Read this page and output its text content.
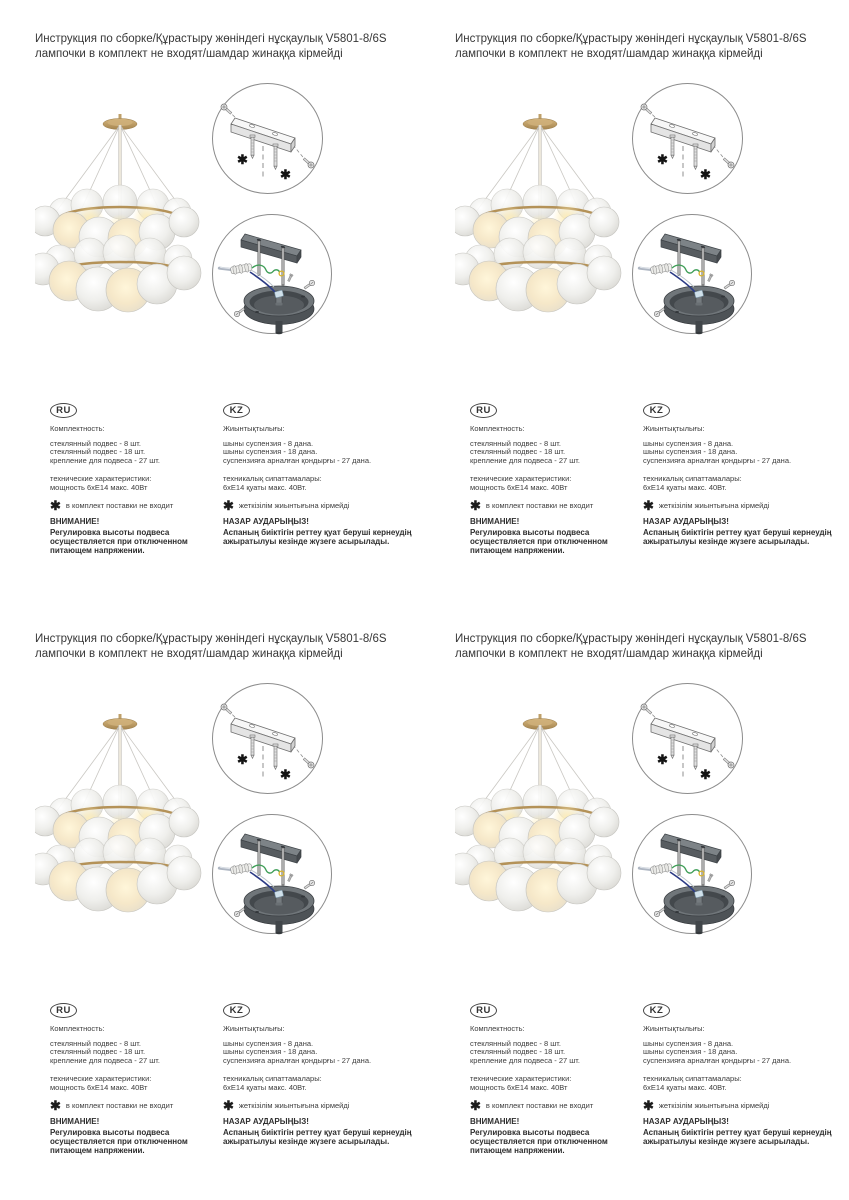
Инструкция по сборке/Құрастыру жөніндегі нұсқаулық V5801-8/6S
лампочки в комплект не входят/шамдар жинаққа кірмейді
✱
✱
RU

Комплектность:

стеклянный подвес - 8 шт.

стеклянный подвес - 18 шт.

крепление для подвеса - 27 шт.

технические характеристики:

мощность 6хЕ14 макс. 40Вт

✱ в комплект поставки не входит

ВНИМАНИЕ!

Регулировка высоты подвеса осуществляется при отключенном питающем напряжении.

KZ

Жиынтықтылығы:

шыны суспензия - 8 дана.

шыны суспензия - 18 дана.

суспензияға арналған қондырғы - 27 дана.

техникалық сипаттамалары:

6хЕ14 қуаты макс. 40Вт.

✱ жеткізілім жиынтығына кірмейді

НАЗАР АУДАРЫҢЫЗ!

Аспаның биіктігін реттеу қуат беруші кернеудің ажыратылуы кезінде жүзеге асырылады.

Инструкция по сборке/Құрастыру жөніндегі нұсқаулық V5801-8/6S
лампочки в комплект не входят/шамдар жинаққа кірмейді
✱
✱
RU

Комплектность:

стеклянный подвес - 8 шт.

стеклянный подвес - 18 шт.

крепление для подвеса - 27 шт.

технические характеристики:

мощность 6хЕ14 макс. 40Вт

✱ в комплект поставки не входит

ВНИМАНИЕ!

Регулировка высоты подвеса осуществляется при отключенном питающем напряжении.

KZ

Жиынтықтылығы:

шыны суспензия - 8 дана.

шыны суспензия - 18 дана.

суспензияға арналған қондырғы - 27 дана.

техникалық сипаттамалары:

6хЕ14 қуаты макс. 40Вт.

✱ жеткізілім жиынтығына кірмейді

НАЗАР АУДАРЫҢЫЗ!

Аспаның биіктігін реттеу қуат беруші кернеудің ажыратылуы кезінде жүзеге асырылады.

Инструкция по сборке/Құрастыру жөніндегі нұсқаулық V5801-8/6S
лампочки в комплект не входят/шамдар жинаққа кірмейді
✱
✱
RU

Комплектность:

стеклянный подвес - 8 шт.

стеклянный подвес - 18 шт.

крепление для подвеса - 27 шт.

технические характеристики:

мощность 6хЕ14 макс. 40Вт

✱ в комплект поставки не входит

ВНИМАНИЕ!

Регулировка высоты подвеса осуществляется при отключенном питающем напряжении.

KZ

Жиынтықтылығы:

шыны суспензия - 8 дана.

шыны суспензия - 18 дана.

суспензияға арналған қондырғы - 27 дана.

техникалық сипаттамалары:

6хЕ14 қуаты макс. 40Вт.

✱ жеткізілім жиынтығына кірмейді

НАЗАР АУДАРЫҢЫЗ!

Аспаның биіктігін реттеу қуат беруші кернеудің ажыратылуы кезінде жүзеге асырылады.

Инструкция по сборке/Құрастыру жөніндегі нұсқаулық V5801-8/6S
лампочки в комплект не входят/шамдар жинаққа кірмейді
✱
✱
RU

Комплектность:

стеклянный подвес - 8 шт.

стеклянный подвес - 18 шт.

крепление для подвеса - 27 шт.

технические характеристики:

мощность 6хЕ14 макс. 40Вт

✱ в комплект поставки не входит

ВНИМАНИЕ!

Регулировка высоты подвеса осуществляется при отключенном питающем напряжении.

KZ

Жиынтықтылығы:

шыны суспензия - 8 дана.

шыны суспензия - 18 дана.

суспензияға арналған қондырғы - 27 дана.

техникалық сипаттамалары:

6хЕ14 қуаты макс. 40Вт.

✱ жеткізілім жиынтығына кірмейді

НАЗАР АУДАРЫҢЫЗ!

Аспаның биіктігін реттеу қуат беруші кернеудің ажыратылуы кезінде жүзеге асырылады.
